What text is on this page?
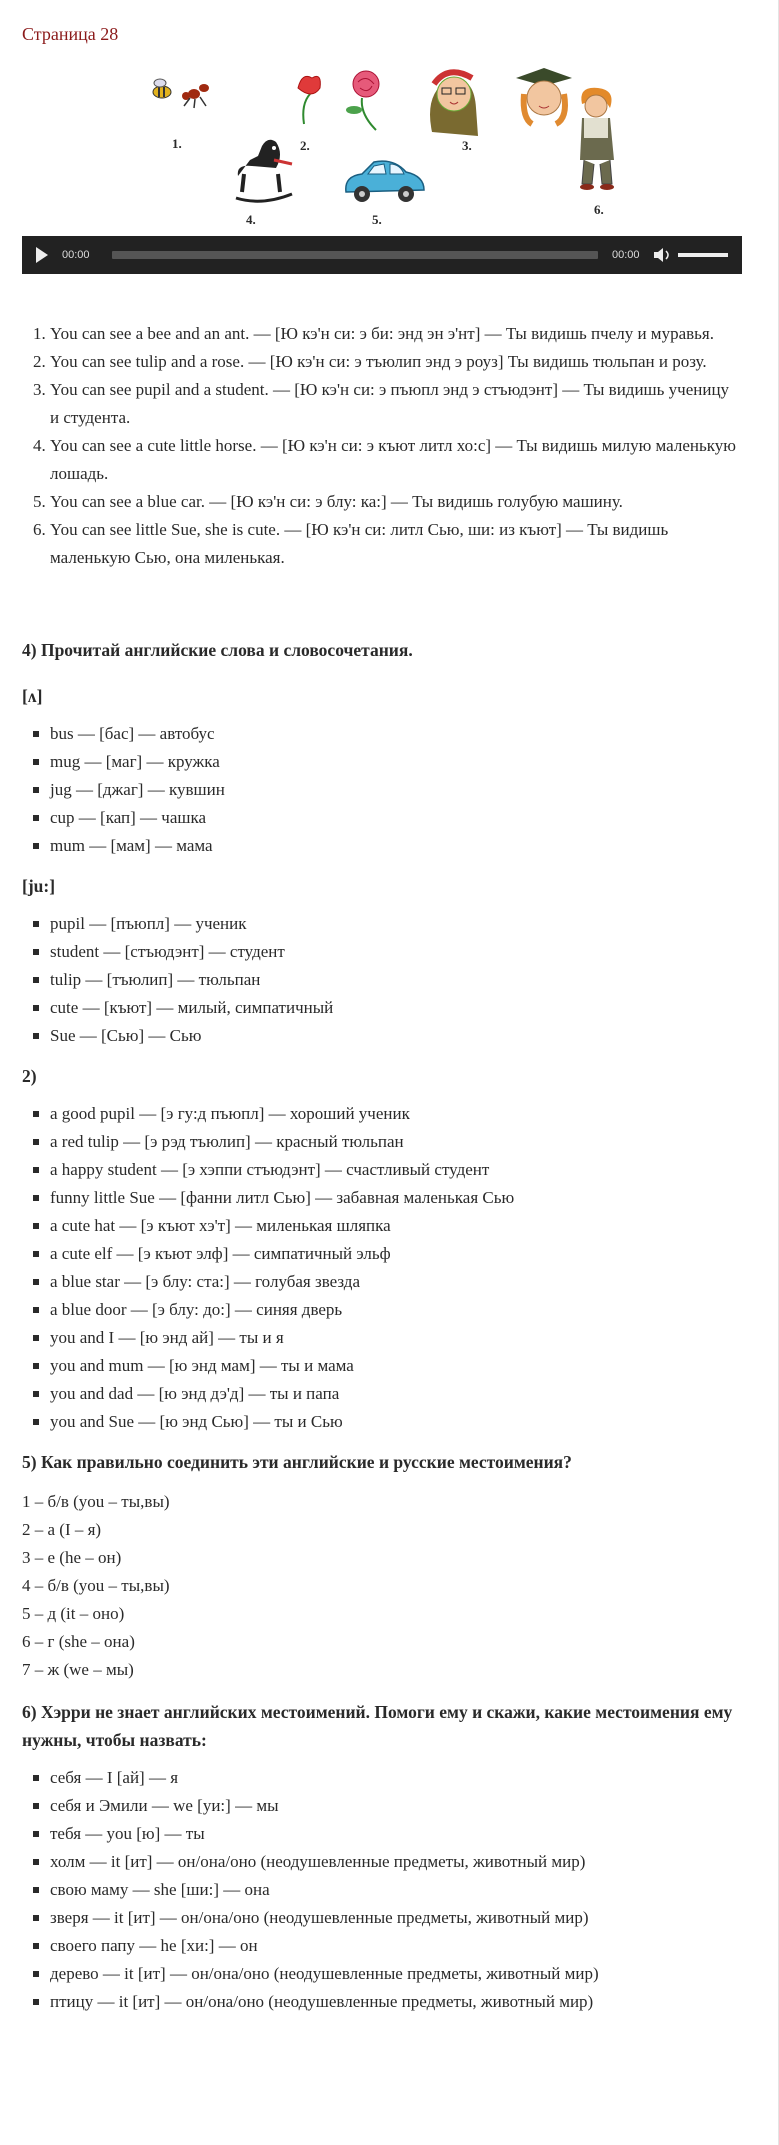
Страница 28
1.	2.	3.
4.	5.
6.
00:00	00:00
1. You can see a bee and an ant. — [Ю кэ'н си: э би: энд эн э'нт] — Ты видишь пчелу и муравья.
2. You can see tulip and a rose. — [Ю кэ'н си: э тъюлип энд э роуз] Ты видишь тюльпан и розу.
3. You can see pupil and a student. — [Ю кэ'н си: э пъюпл энд э стъюдэнт] — Ты видишь ученицу и студента.
4. You can see a cute little horse. — [Ю кэ'н си: э къют литл хо:с] — Ты видишь милую маленькую лошадь.
5. You can see a blue car. — [Ю кэ'н си: э блу: ка:] — Ты видишь голубую машину.
6. You can see little Sue, she is cute. — [Ю кэ'н си: литл Сью, ши: из къют] — Ты видишь маленькую Сью, она миленькая.
4) Прочитай английские слова и словосочетания.
[ʌ]
bus — [бас] — автобус
mug — [маг] — кружка
jug — [джаг] — кувшин
cup — [кап] — чашка
mum — [мам] — мама
[ju:]
pupil — [пъюпл] — ученик
student — [стъюдэнт] — студент
tulip — [тъюлип] — тюльпан
cute — [къют] — милый, симпатичный
Sue — [Сью] — Сью
2)
a good pupil — [э гу:д пъюпл] — хороший ученик
a red tulip — [э рэд тъюлип] — красный тюльпан
a happy student — [э хэппи стъюдэнт] — счастливый студент
funny little Sue — [фанни литл Сью] — забавная маленькая Сью
a cute hat — [э къют хэ'т] — миленькая шляпка
a cute elf — [э къют элф] — симпатичный эльф
a blue star — [э блу: ста:] — голубая звезда
a blue door — [э блу: до:] — синяя дверь
you and I — [ю энд ай] — ты и я
you and mum — [ю энд мам] — ты и мама
you and dad — [ю энд дэ'д] — ты и папа
you and Sue — [ю энд Сью] — ты и Сью
5) Как правильно соединить эти английские и русские местоимения?
1 – б/в (you – ты,вы)
2 – а (I – я)
3 – е (he – он)
4 – б/в (you – ты,вы)
5 – д (it – оно)
6 – г (she – она)
7 – ж (we – мы)
6) Хэрри не знает английских местоимений. Помоги ему и скажи, какие местоимения ему нужны, чтобы назвать:
себя — I [ай] — я
себя и Эмили — we [уи:] — мы
тебя — you [ю] — ты
холм — it [ит] — он/она/оно (неодушевленные предметы, животный мир)
свою маму — she [ши:] — она
зверя — it [ит] — он/она/оно (неодушевленные предметы, животный мир)
своего папу — he [хи:] — он
дерево — it [ит] — он/она/оно (неодушевленные предметы, животный мир)
птицу — it [ит] — он/она/оно (неодушевленные предметы, животный мир)
